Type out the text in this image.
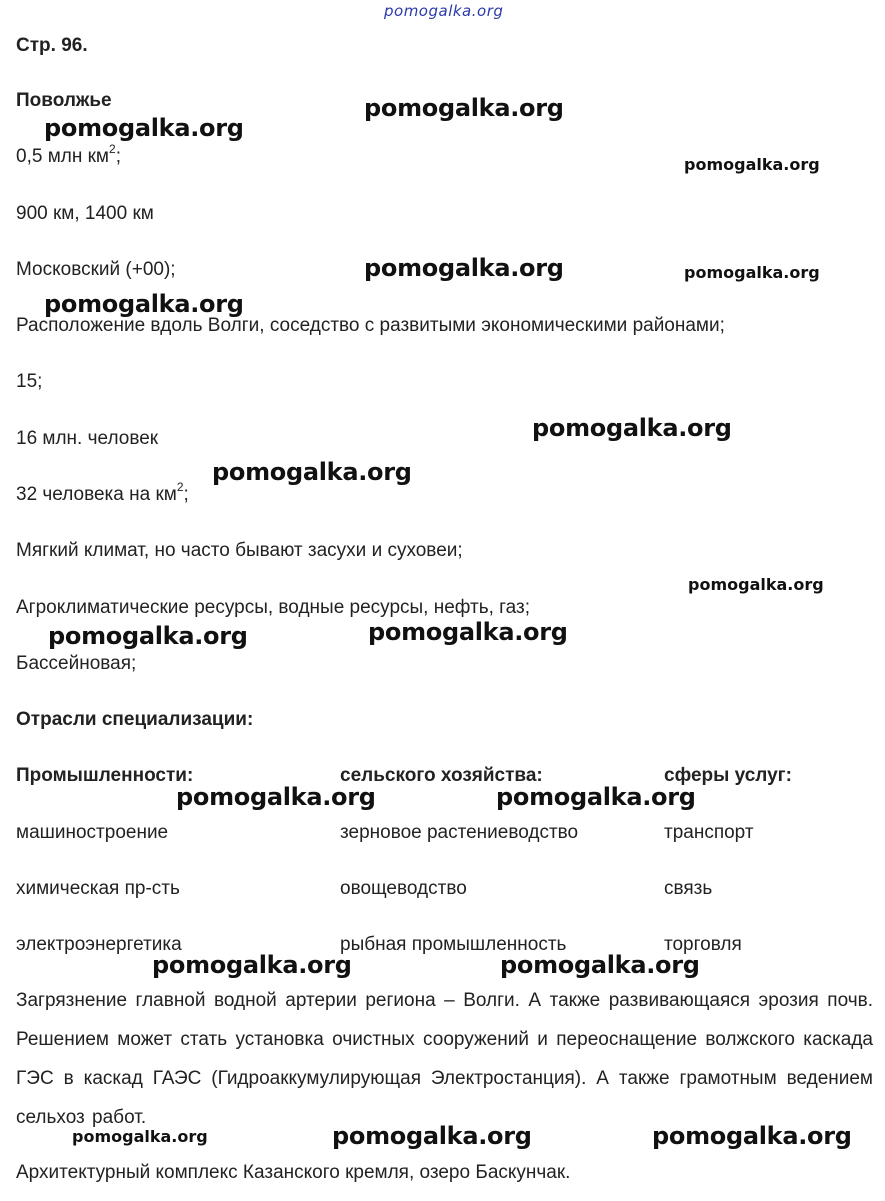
pomogalka.org
Стр. 96.
Поволжье
0,5 млн $км^2$;
900 км, 1400 км
Московский (+00);
Расположение вдоль Волги, соседство с развитыми экономическими районами;
15;
16 млн. человек
32 человека на $км^2$;
Мягкий климат, но часто бывают засухи и суховеи;
Агроклиматические ресурсы, водные ресурсы, нефть, газ;
Бассейновая;
Отрасли специализации:
Промышленности:	сельского хозяйства:	сферы услуг:
машиностроение	зерновое растениеводство	транспорт
химическая пр-сть	овощеводство	связь
электроэнергетика	рыбная промышленность	торговля
Загрязнение главной водной артерии региона – Волги. А также развивающаяся эрозия почв. Решением может стать установка очистных сооружений и переоснащение волжского каскада ГЭС в каскад ГАЭС (Гидроаккумулирующая Электростанция). А также грамотным ведением сельхоз работ.
Архитектурный комплекс Казанского кремля, озеро Баскунчак.
pomogalka.org
pomogalka.org
pomogalka.org
pomogalka.org	pomogalka.org
pomogalka.org
pomogalka.org
pomogalka.org
pomogalka.org
pomogalka.org	pomogalka.org
pomogalka.org	pomogalka.org
pomogalka.org	pomogalka.org
pomogalka.org	pomogalka.org	pomogalka.org
